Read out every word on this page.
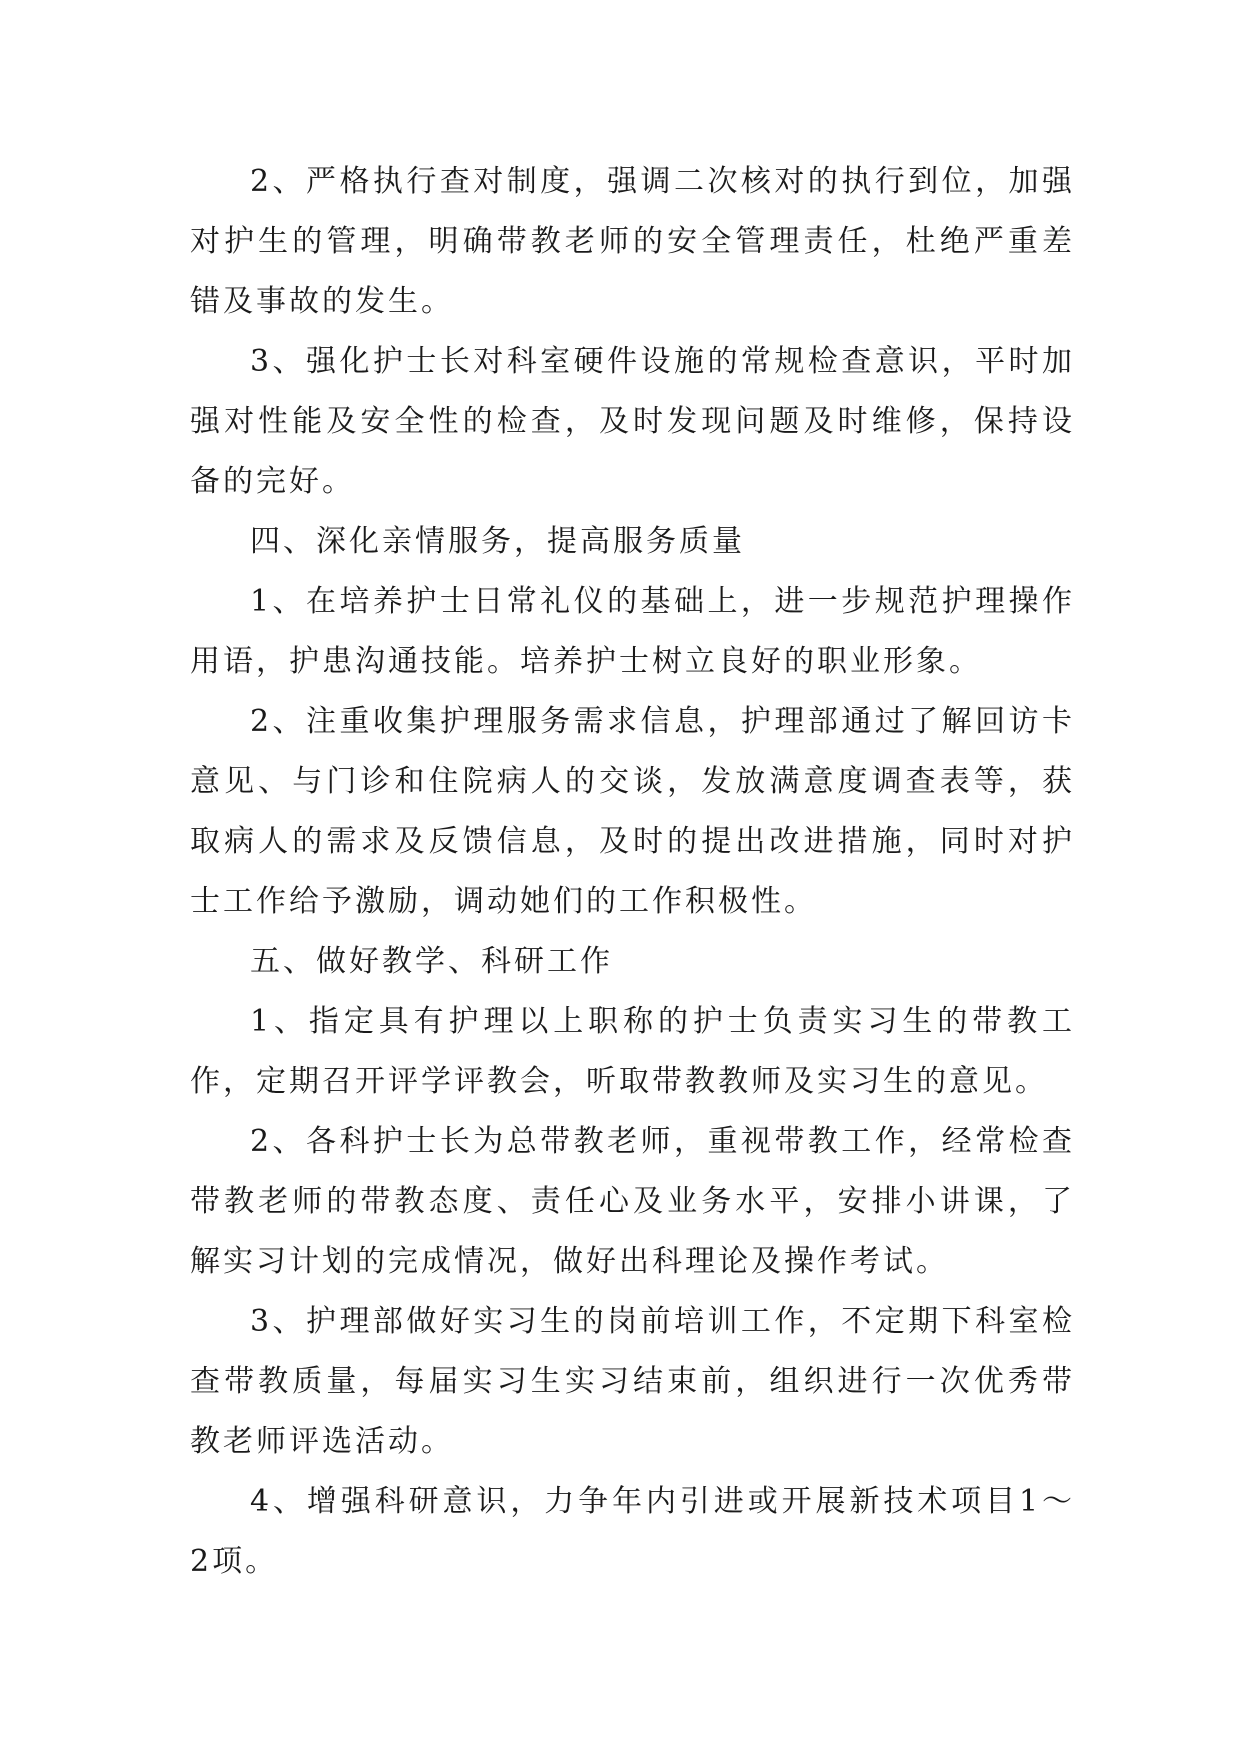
2、严格执行查对制度，强调二次核对的执行到位，加强对护生的管理，明确带教老师的安全管理责任，杜绝严重差错及事故的发生。

3、强化护士长对科室硬件设施的常规检查意识，平时加强对性能及安全性的检查，及时发现问题及时维修，保持设备的完好。

四、深化亲情服务，提高服务质量

1、在培养护士日常礼仪的基础上，进一步规范护理操作用语，护患沟通技能。培养护士树立良好的职业形象。

2、注重收集护理服务需求信息，护理部通过了解回访卡意见、与门诊和住院病人的交谈，发放满意度调查表等，获取病人的需求及反馈信息，及时的提出改进措施，同时对护士工作给予激励，调动她们的工作积极性。

五、做好教学、科研工作

1、指定具有护理以上职称的护士负责实习生的带教工作，定期召开评学评教会，听取带教教师及实习生的意见。

2、各科护士长为总带教老师，重视带教工作，经常检查带教老师的带教态度、责任心及业务水平，安排小讲课，了解实习计划的完成情况，做好出科理论及操作考试。

3、护理部做好实习生的岗前培训工作，不定期下科室检查带教质量，每届实习生实习结束前，组织进行一次优秀带教老师评选活动。

4、增强科研意识，力争年内引进或开展新技术项目1～2项。
